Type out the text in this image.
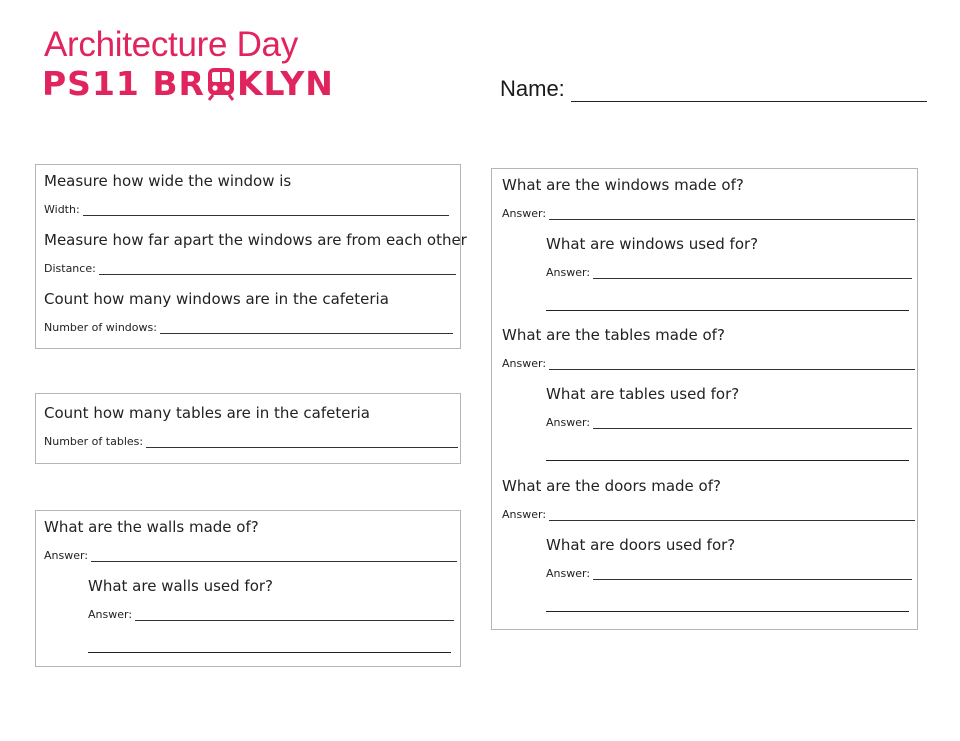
Architecture Day
PS11 BR KLYN	Name:
Measure how wide the window is
Width:
Measure how far apart the windows are from each other
Distance:
Count how many windows are in the cafeteria
Number of windows:
Count how many tables are in the cafeteria
Number of tables:
What are the walls made of?
Answer:
What are walls used for?
Answer:
What are the windows made of?
Answer:
What are windows used for?
Answer:
What are the tables made of?
Answer:
What are tables used for?
Answer:
What are the doors made of?
Answer:
What are doors used for?
Answer:
